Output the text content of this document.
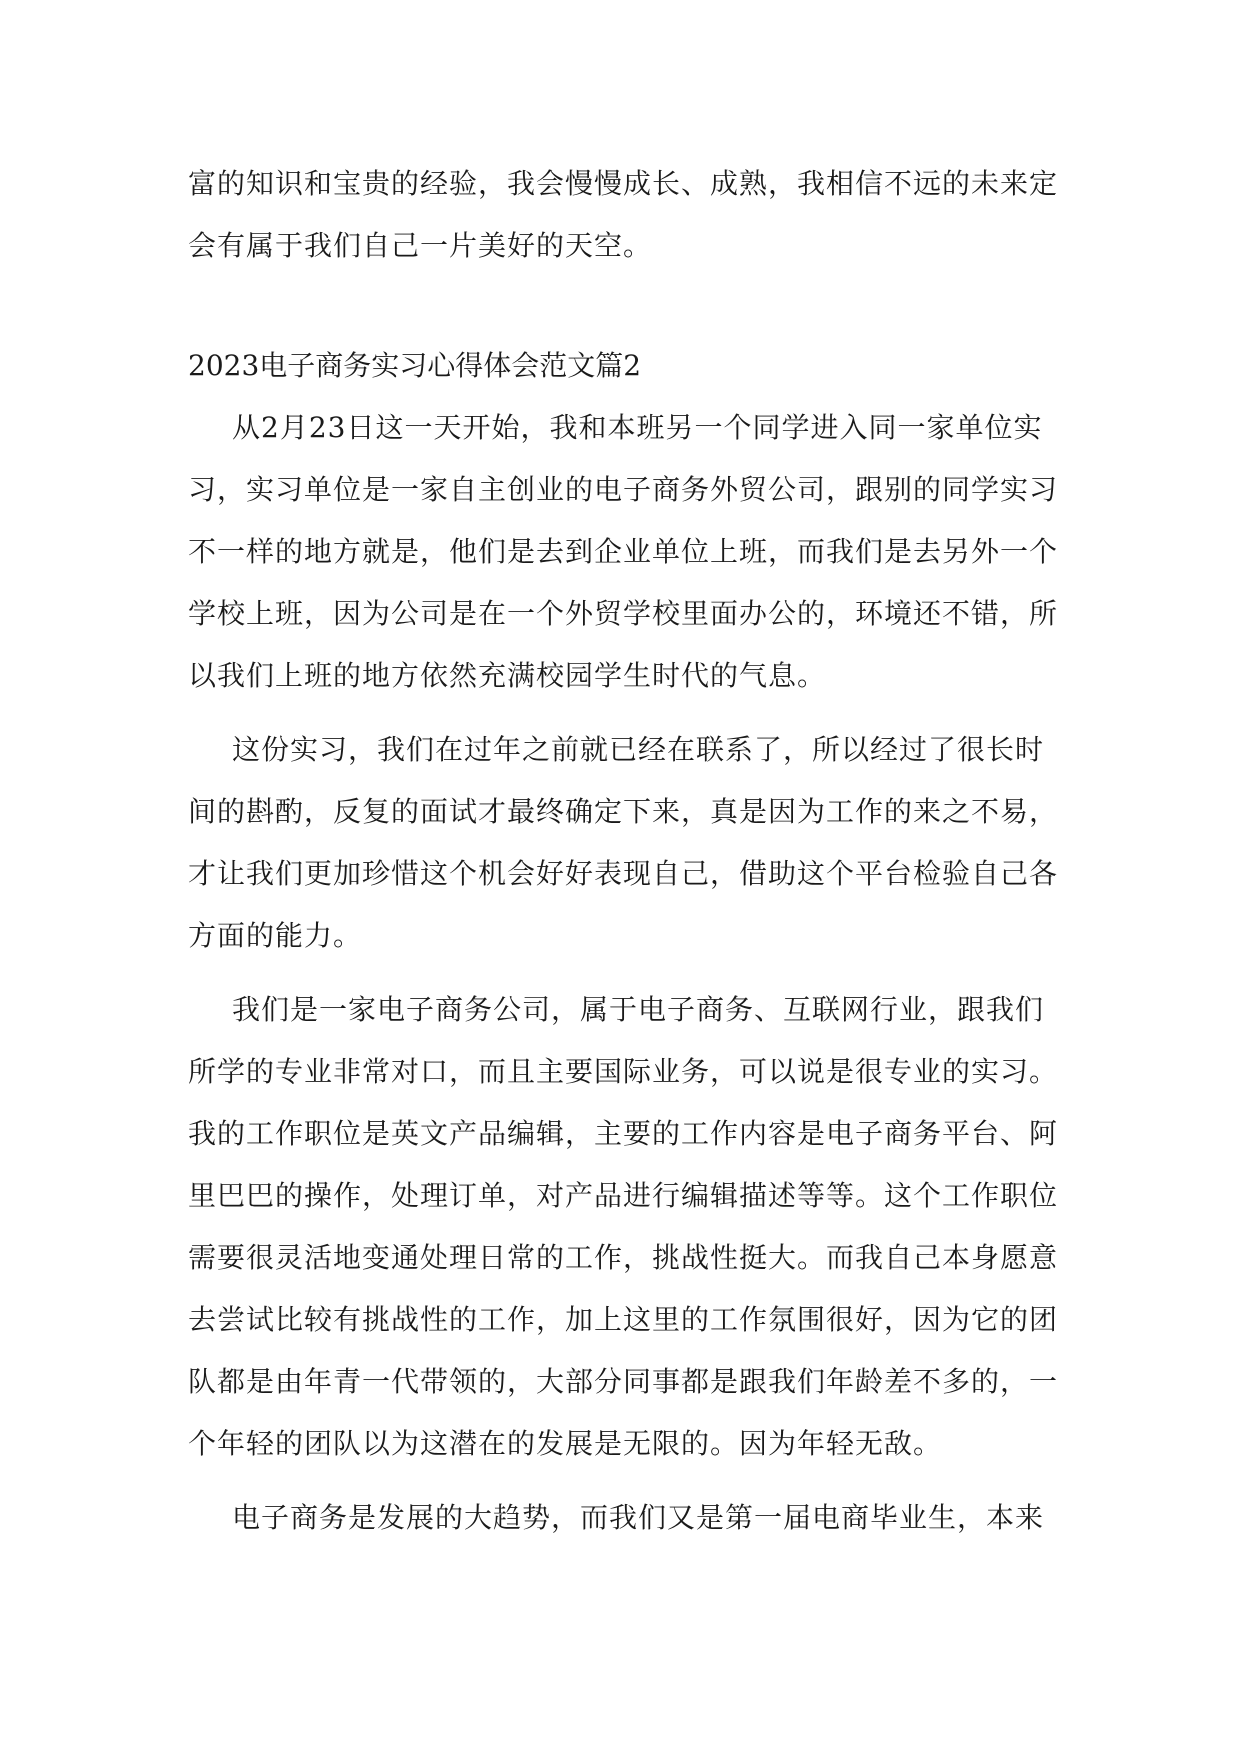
富的知识和宝贵的经验，我会慢慢成长、成熟，我相信不远的未来定
会有属于我们自己一片美好的天空。
2023电子商务实习心得体会范文篇2
从2月23日这一天开始，我和本班另一个同学进入同一家单位实
习，实习单位是一家自主创业的电子商务外贸公司，跟别的同学实习
不一样的地方就是，他们是去到企业单位上班，而我们是去另外一个
学校上班，因为公司是在一个外贸学校里面办公的，环境还不错，所
以我们上班的地方依然充满校园学生时代的气息。
这份实习，我们在过年之前就已经在联系了，所以经过了很长时
间的斟酌，反复的面试才最终确定下来，真是因为工作的来之不易，
才让我们更加珍惜这个机会好好表现自己，借助这个平台检验自己各
方面的能力。
我们是一家电子商务公司，属于电子商务、互联网行业，跟我们
所学的专业非常对口，而且主要国际业务，可以说是很专业的实习。
我的工作职位是英文产品编辑，主要的工作内容是电子商务平台、阿
里巴巴的操作，处理订单，对产品进行编辑描述等等。这个工作职位
需要很灵活地变通处理日常的工作，挑战性挺大。而我自己本身愿意
去尝试比较有挑战性的工作，加上这里的工作氛围很好，因为它的团
队都是由年青一代带领的，大部分同事都是跟我们年龄差不多的，一
个年轻的团队以为这潜在的发展是无限的。因为年轻无敌。
电子商务是发展的大趋势，而我们又是第一届电商毕业生，本来
